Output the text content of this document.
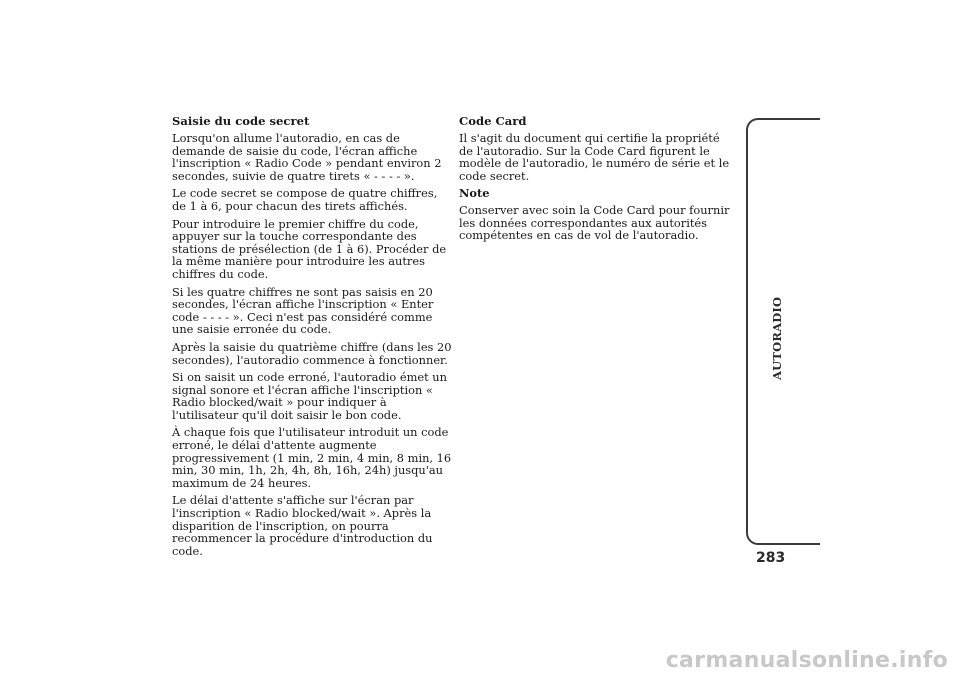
Saisie du code secret

Lorsqu'on allume l'autoradio, en cas de demande de saisie du code, l'écran affiche l'inscription « Radio Code » pendant environ 2 secondes, suivie de quatre tirets « - - - - ».

Le code secret se compose de quatre chiffres, de 1 à 6, pour chacun des tirets affichés.

Pour introduire le premier chiffre du code, appuyer sur la touche correspondante des stations de présélection (de 1 à 6). Procéder de la même manière pour introduire les autres chiffres du code.

Si les quatre chiffres ne sont pas saisis en 20 secondes, l'écran affiche l'inscription « Enter code - - - - ». Ceci n'est pas considéré comme une saisie erronée du code.

Après la saisie du quatrième chiffre (dans les 20 secondes), l'autoradio commence à fonctionner.

Si on saisit un code erroné, l'autoradio émet un signal sonore et l'écran affiche l'inscription « Radio blocked/wait » pour indiquer à l'utilisateur qu'il doit saisir le bon code.

À chaque fois que l'utilisateur introduit un code erroné, le délai d'attente augmente progressivement (1 min, 2 min, 4 min, 8 min, 16 min, 30 min, 1h, 2h, 4h, 8h, 16h, 24h) jusqu'au maximum de 24 heures.

Le délai d'attente s'affiche sur l'écran par l'inscription « Radio blocked/wait ». Après la disparition de l'inscription, on pourra recommencer la procédure d'introduction du code.

Code Card

Il s'agit du document qui certifie la propriété de l'autoradio. Sur la Code Card figurent le modèle de l'autoradio, le numéro de série et le code secret.

Note

Conserver avec soin la Code Card pour fournir les données correspondantes aux autorités compétentes en cas de vol de l'autoradio.

AUTORADIO
283
carmanualsonline.info
